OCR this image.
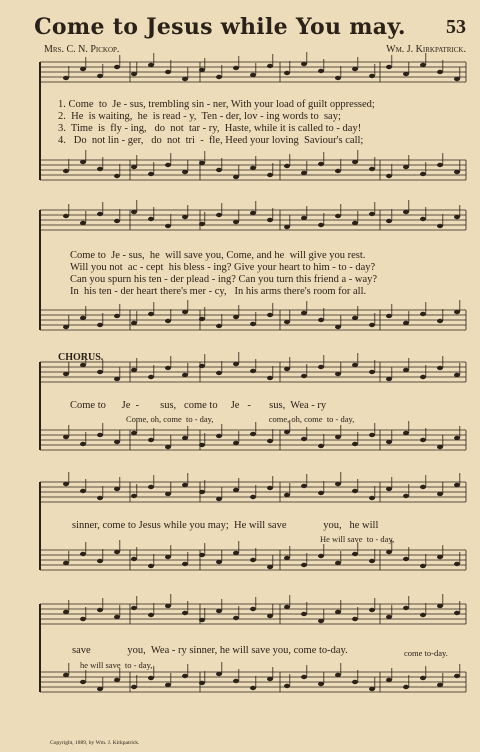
Come to Jesus while You may.	53
Mrs. C. N. Pickop.	Wm. J. Kirkpatrick.
1. Come  to  Je - sus, trembling sin - ner, With your load of guilt oppressed;
2.  He  is waiting,  he  is read - y,  Ten - der, lov - ing words to  say;
3.  Time  is  fly - ing,   do  not  tar - ry,  Haste, while it is called to - day!
4.   Do  not lin - ger,   do  not  tri  -  fle, Heed your loving  Saviour's call;
Come to  Je - sus,  he  will save you, Come, and he  will give you rest.
Will you not  ac - cept  his bless - ing? Give your heart to him - to - day?
Can you spurn his ten - der plead - ing? Can you turn this friend a - way?
In  his ten - der heart there's mer - cy,   In his arms there's room for all.
CHORUS.
Come to      Je  -        sus,   come to     Je   -       sus,  Wea - ry
Come, oh, come  to - day,                          come, oh, come  to - day,
sinner, come to Jesus while you may;  He will save              you,   he will
He will save  to - day,
save              you,  Wea - ry sinner, he will save you, come to-day.	come to-day.
he will save  to - day,
Copyright, 1889, by Wm. J. Kirkpatrick.
